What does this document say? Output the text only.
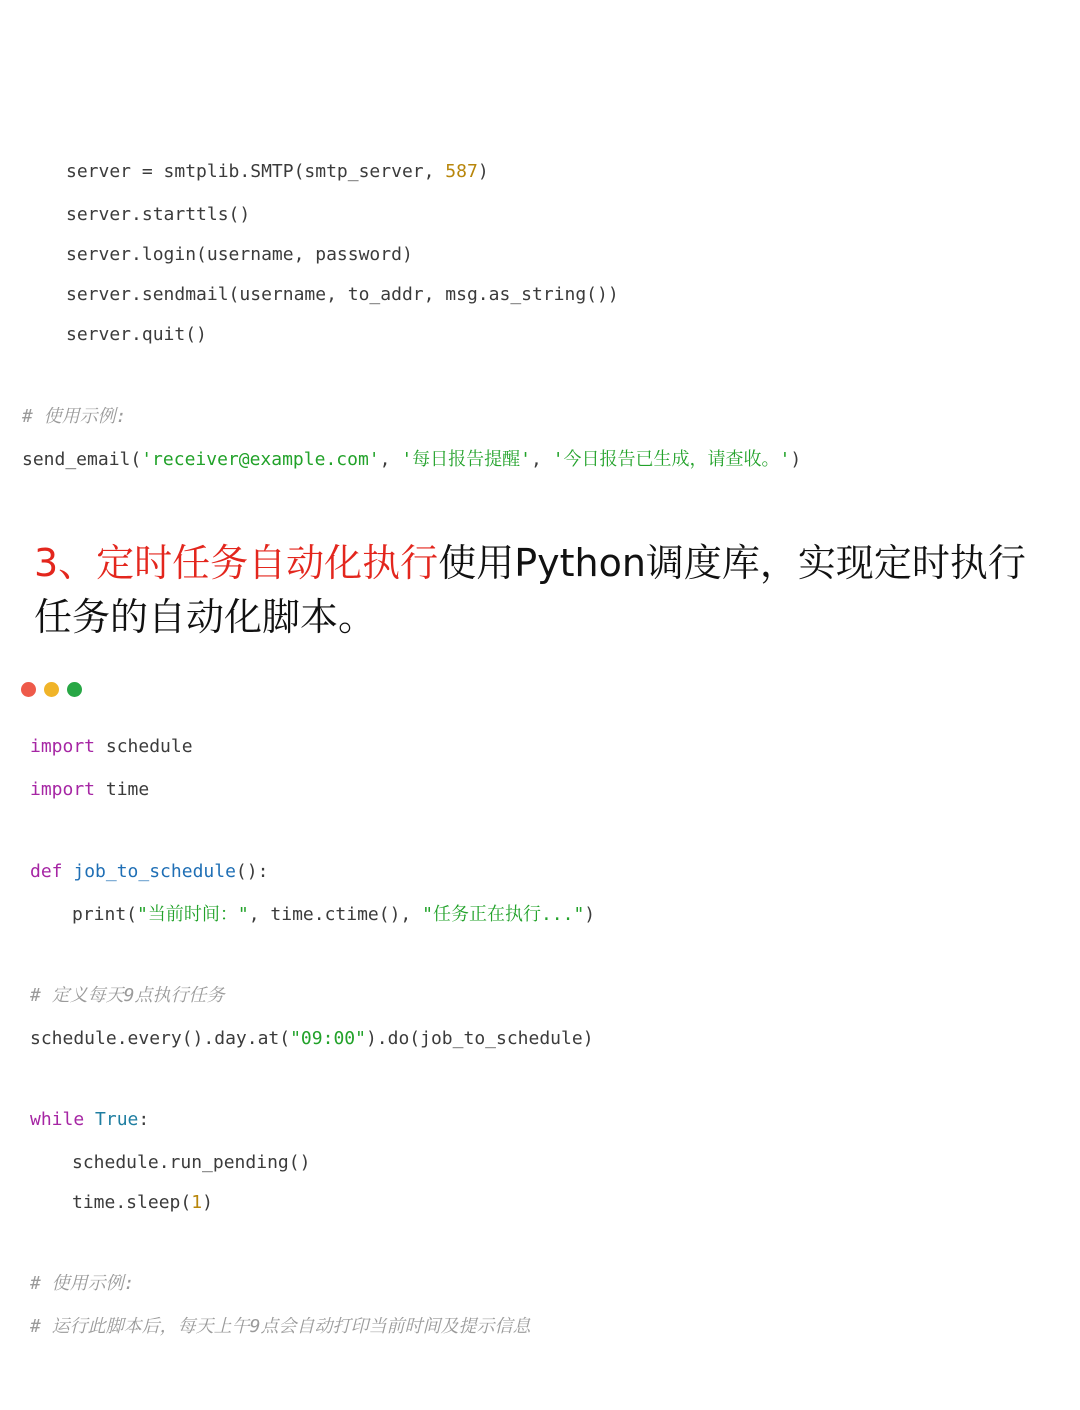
server = smtplib.SMTP(smtp_server, 587)
server.starttls()
server.login(username, password)
server.sendmail(username, to_addr, msg.as_string())
server.quit()
# 使用示例:
send_email('receiver@example.com', '每日报告提醒', '今日报告已生成，请查收。')
3、定时任务自动化执行使用Python调度库，实现定时执行任务的自动化脚本。
import schedule
import time
def job_to_schedule():
print("当前时间：", time.ctime(), "任务正在执行...")
# 定义每天9点执行任务
schedule.every().day.at("09:00").do(job_to_schedule)
while True:
schedule.run_pending()
time.sleep(1)
# 使用示例:
# 运行此脚本后，每天上午9点会自动打印当前时间及提示信息
